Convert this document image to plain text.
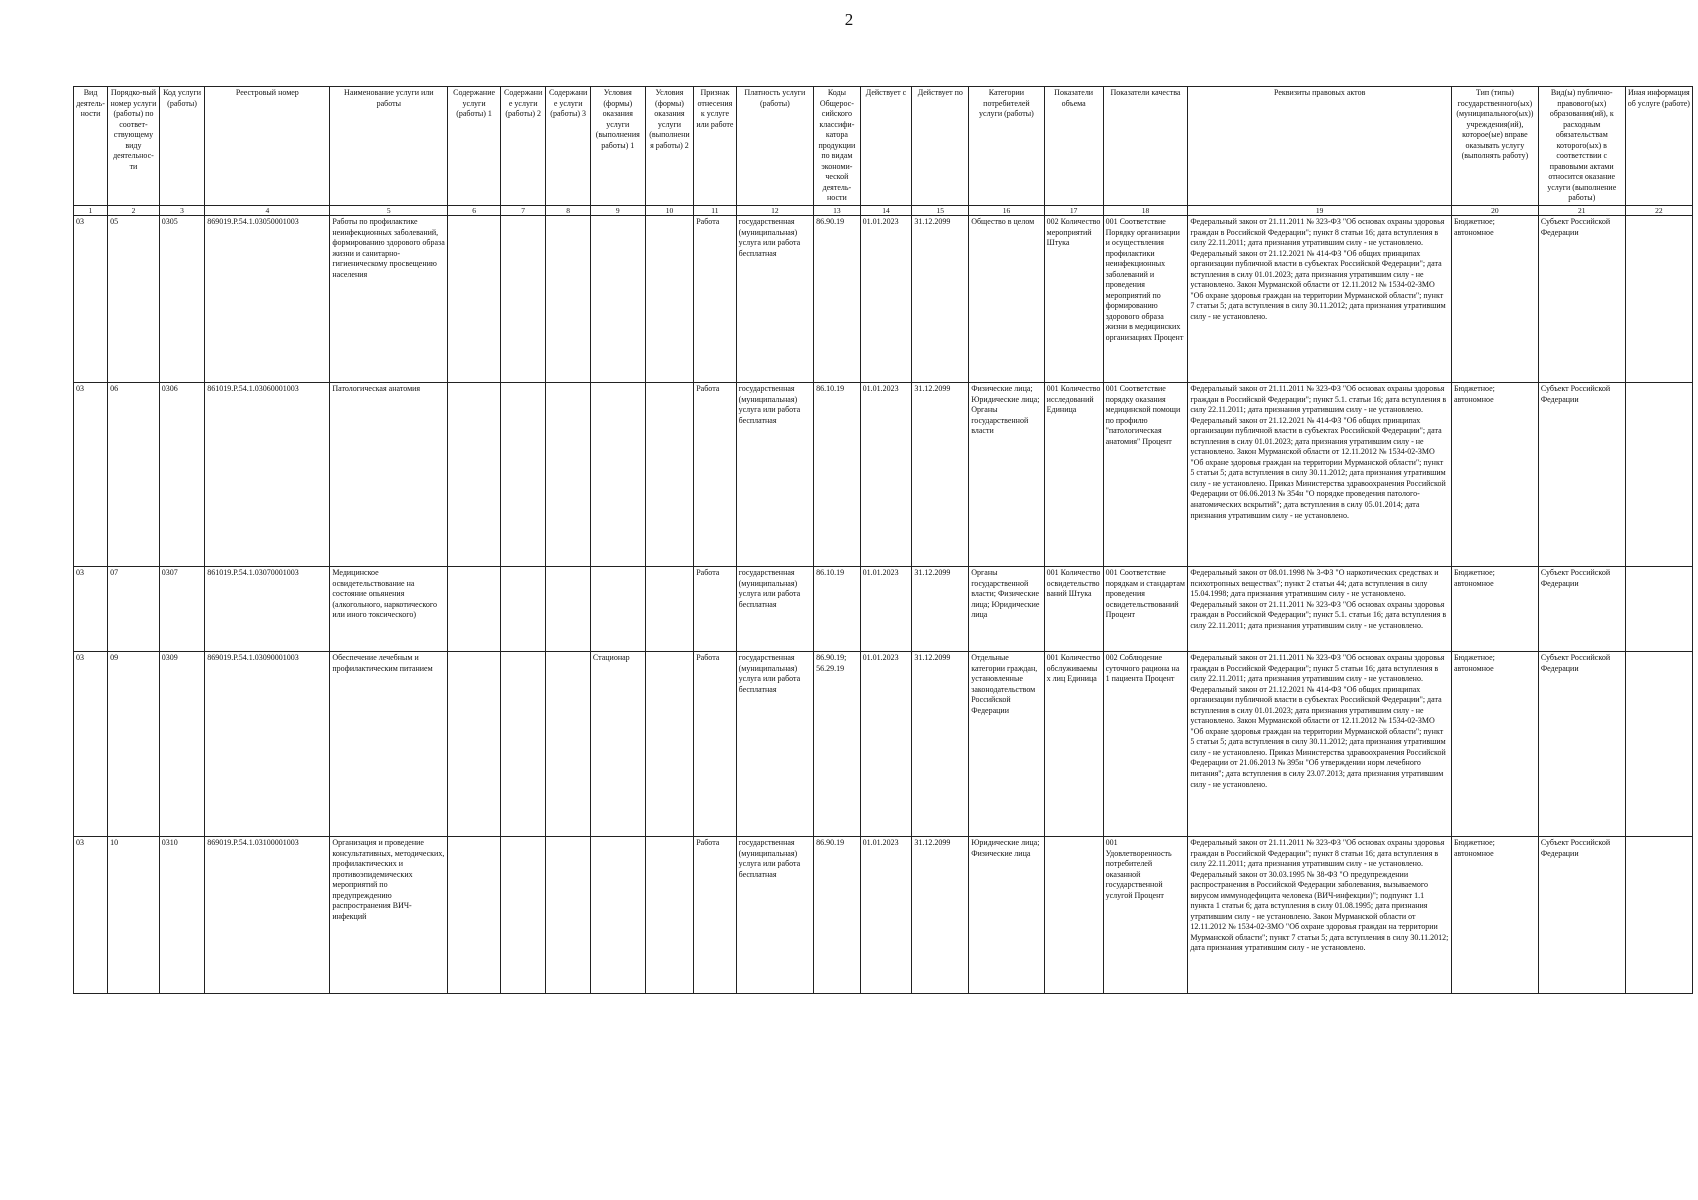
2
Вид деятель-ности	Порядко-вый номер услуги (работы) по соответ-ствующему виду деятельнос-ти	Код услуги (работы)	Реестровый номер	Наименование услуги или работы	Содержание услуги (работы) 1	Содержание услуги (работы) 2	Содержание услуги (работы) 3	Условия (формы) оказания услуги (выполнения работы) 1	Условия (формы) оказания услуги (выполнения работы) 2	Признак отнесения к услуге или работе	Платность услуги (работы)	Коды Общерос-сийского классифи-катора продукции по видам экономи-ческой деятель-ности	Действует с	Действует по	Категории потребителей услуги (работы)	Показатели объема	Показатели качества	Реквизиты правовых актов	Тип (типы) государственного(ых) (муниципального(ых)) учреждения(ий), которое(ые) вправе оказывать услугу (выполнять работу)	Вид(ы) публично-правового(ых) образования(ий), к расходным обязательствам которого(ых) в соответствии с правовыми актами относится оказание услуги (выполнение работы)	Иная информация об услуге (работе)
1	2	3	4	5	6	7	8	9	10	11	12	13	14	15	16	17	18	19	20	21	22
03	05	0305	869019.Р.54.1.03050001003	Работы по профилактике неинфекционных заболеваний, формированию здорового образа жизни и санитарно-гигиеническому просвещению населения						Работа	государственная (муниципальная) услуга или работа бесплатная	86.90.19	01.01.2023	31.12.2099	Общество в целом	002 Количество мероприятий Штука	001 Соответствие Порядку организации и осуществления профилактики неинфекционных заболеваний и проведения мероприятий по формированию здорового образа жизни в медицинских организациях Процент	Федеральный закон от 21.11.2011 № 323-ФЗ "Об основах охраны здоровья граждан в Российской Федерации"; пункт 8 статьи 16; дата вступления в силу 22.11.2011; дата признания утратившим силу - не установлено. Федеральный закон от 21.12.2021 № 414-ФЗ "Об общих принципах организации публичной власти в субъектах Российской Федерации"; дата вступления в силу 01.01.2023; дата признания утратившим силу - не установлено. Закон Мурманской области от 12.11.2012 № 1534-02-ЗМО "Об охране здоровья граждан на территории Мурманской области"; пункт 7 статьи 5; дата вступления в силу 30.11.2012; дата признания утратившим силу - не установлено.	Бюджетное; автономное	Субъект Российской Федерации	
03	06	0306	861019.Р.54.1.03060001003	Патологическая анатомия						Работа	государственная (муниципальная) услуга или работа бесплатная	86.10.19	01.01.2023	31.12.2099	Физические лица; Юридические лица; Органы государственной власти	001 Количество исследований Единица	001 Соответствие порядку оказания медицинской помощи по профилю "патологическая анатомия" Процент	Федеральный закон от 21.11.2011 № 323-ФЗ "Об основах охраны здоровья граждан в Российской Федерации"; пункт 5.1. статьи 16; дата вступления в силу 22.11.2011; дата признания утратившим силу - не установлено. Федеральный закон от 21.12.2021 № 414-ФЗ "Об общих принципах организации публичной власти в субъектах Российской Федерации"; дата вступления в силу 01.01.2023; дата признания утратившим силу - не установлено. Закон Мурманской области от 12.11.2012 № 1534-02-ЗМО "Об охране здоровья граждан на территории Мурманской области"; пункт 5 статьи 5; дата вступления в силу 30.11.2012; дата признания утратившим силу - не установлено. Приказ Министерства здравоохранения Российской Федерации от 06.06.2013 № 354н "О порядке проведения патолого-анатомических вскрытий"; дата вступления в силу 05.01.2014; дата признания утратившим силу - не установлено.	Бюджетное; автономное	Субъект Российской Федерации	
03	07	0307	861019.Р.54.1.03070001003	Медицинское освидетельствование на состояние опьянения (алкогольного, наркотического или иного токсического)						Работа	государственная (муниципальная) услуга или работа бесплатная	86.10.19	01.01.2023	31.12.2099	Органы государственной власти; Физические лица; Юридические лица	001 Количество освидетельствований Штука	001 Соответствие порядкам и стандартам проведения освидетельствований Процент	Федеральный закон от 08.01.1998 № 3-ФЗ "О наркотических средствах и психотропных веществах"; пункт 2 статьи 44; дата вступления в силу 15.04.1998; дата признания утратившим силу - не установлено. Федеральный закон от 21.11.2011 № 323-ФЗ "Об основах охраны здоровья граждан в Российской Федерации"; пункт 5.1. статьи 16; дата вступления в силу 22.11.2011; дата признания утратившим силу - не установлено.	Бюджетное; автономное	Субъект Российской Федерации	
03	09	0309	869019.Р.54.1.03090001003	Обеспечение лечебным и профилактическим питанием				Стационар		Работа	государственная (муниципальная) услуга или работа бесплатная	86.90.19; 56.29.19	01.01.2023	31.12.2099	Отдельные категории граждан, установленные законодательством Российской Федерации	001 Количество обслуживаемых лиц Единица	002 Соблюдение суточного рациона на 1 пациента Процент	Федеральный закон от 21.11.2011 № 323-ФЗ "Об основах охраны здоровья граждан в Российской Федерации"; пункт 5 статьи 16; дата вступления в силу 22.11.2011; дата признания утратившим силу - не установлено. Федеральный закон от 21.12.2021 № 414-ФЗ "Об общих принципах организации публичной власти в субъектах Российской Федерации"; дата вступления в силу 01.01.2023; дата признания утратившим силу - не установлено. Закон Мурманской области от 12.11.2012 № 1534-02-ЗМО "Об охране здоровья граждан на территории Мурманской области"; пункт 5 статьи 5; дата вступления в силу 30.11.2012; дата признания утратившим силу - не установлено. Приказ Министерства здравоохранения Российской Федерации от 21.06.2013 № 395н "Об утверждении норм лечебного питания"; дата вступления в силу 23.07.2013; дата признания утратившим силу - не установлено.	Бюджетное; автономное	Субъект Российской Федерации	
03	10	0310	869019.Р.54.1.03100001003	Организация и проведение консультативных, методических, профилактических и противоэпидемических мероприятий по предупреждению распространения ВИЧ-инфекций						Работа	государственная (муниципальная) услуга или работа бесплатная	86.90.19	01.01.2023	31.12.2099	Юридические лица; Физические лица		001 Удовлетворенность потребителей оказанной государственной услугой Процент	Федеральный закон от 21.11.2011 № 323-ФЗ "Об основах охраны здоровья граждан в Российской Федерации"; пункт 8 статьи 16; дата вступления в силу 22.11.2011; дата признания утратившим силу - не установлено. Федеральный закон от 30.03.1995 № 38-ФЗ "О предупреждении распространения в Российской Федерации заболевания, вызываемого вирусом иммунодефицита человека (ВИЧ-инфекции)"; подпункт 1.1 пункта 1 статьи 6; дата вступления в силу 01.08.1995; дата признания утратившим силу - не установлено. Закон Мурманской области от 12.11.2012 № 1534-02-ЗМО "Об охране здоровья граждан на территории Мурманской области"; пункт 7 статьи 5; дата вступления в силу 30.11.2012; дата признания утратившим силу - не установлено.	Бюджетное; автономное	Субъект Российской Федерации	
